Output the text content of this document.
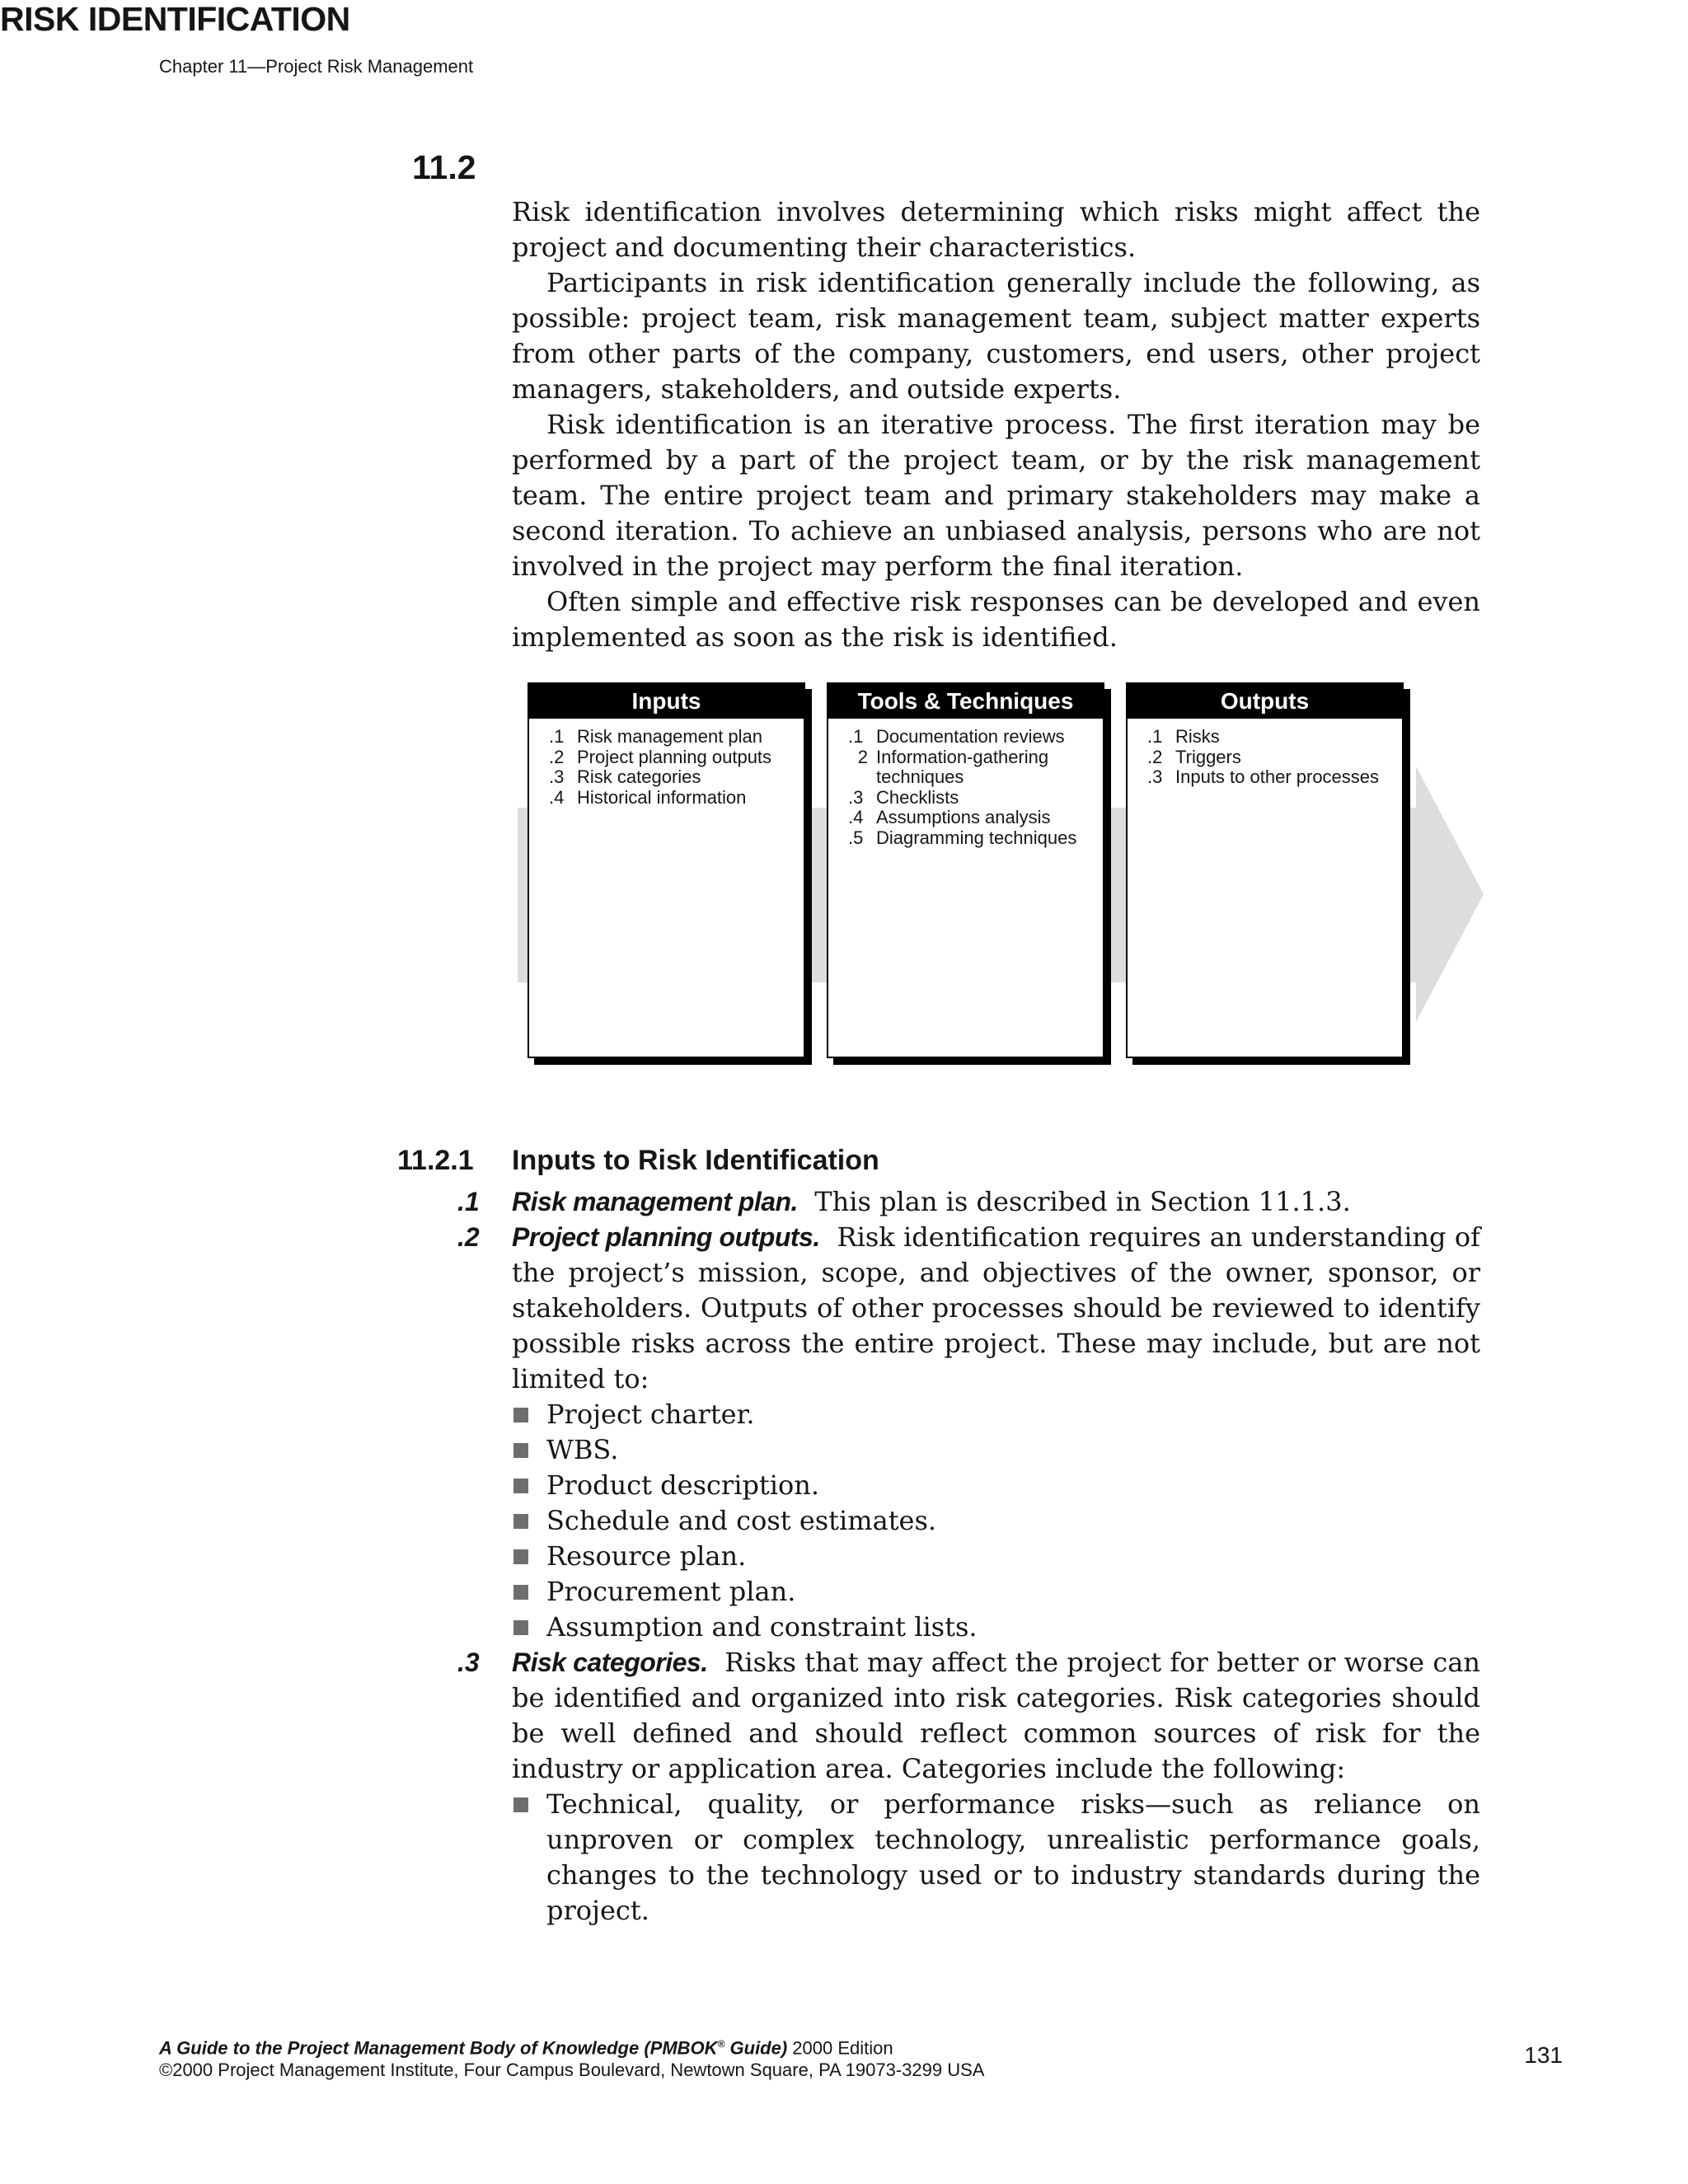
Chapter 11—Project Risk Management
11.2
RISK IDENTIFICATION

Risk identification involves determining which risks might affect the project and documenting their characteristics.

Participants in risk identification generally include the following, as possible: project team, risk management team, subject matter experts from other parts of the company, customers, end users, other project managers, stakeholders, and outside experts.

Risk identification is an iterative process. The first iteration may be performed by a part of the project team, or by the risk management team. The entire project team and primary stakeholders may make a second iteration. To achieve an unbiased analysis, persons who are not involved in the project may perform the final iteration.

Often simple and effective risk responses can be developed and even implemented as soon as the risk is identified.

Inputs
.1 Risk management plan
.2 Project planning outputs
.3 Risk categories
.4 Historical information
Tools & Techniques
.1 Documentation reviews
2 Information-gathering
techniques
.3 Checklists
.4 Assumptions analysis
.5 Diagramming techniques
Outputs
.1 Risks
.2 Triggers
.3 Inputs to other processes
11.2.1 Inputs to Risk Identification
.1 Risk management plan. This plan is described in Section 11.1.3.
.2 Project planning outputs. Risk identification requires an understanding of the project’s mission, scope, and objectives of the owner, sponsor, or stakeholders. Outputs of other processes should be reviewed to identify possible risks across the entire project. These may include, but are not limited to:
Project charter.
WBS.
Product description.
Schedule and cost estimates.
Resource plan.
Procurement plan.
Assumption and constraint lists.
.3 Risk categories. Risks that may affect the project for better or worse can be identified and organized into risk categories. Risk categories should be well defined and should reflect common sources of risk for the industry or application area. Categories include the following:
Technical, quality, or performance risks—such as reliance on unproven or complex technology, unrealistic performance goals, changes to the technology used or to industry standards during the project.
A Guide to the Project Management Body of Knowledge (PMBOK® Guide) 2000 Edition
©2000 Project Management Institute, Four Campus Boulevard, Newtown Square, PA 19073-3299 USA
131
